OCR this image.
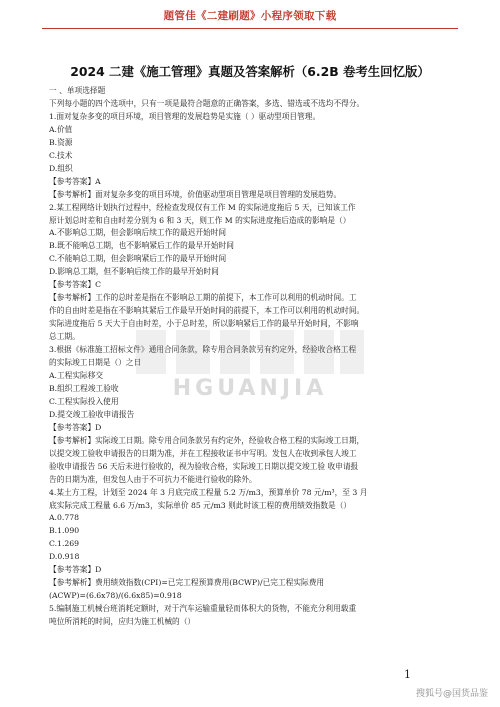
题管佳《二建刷题》小程序领取下载
2024 二建《施工管理》真题及答案解析（6.2B 卷考生回忆版）
一 、单项选择题
下列每小题的四个选项中，只有一项是最符合题意的正确答案，多选、错选或不选均不得分。
1.面对复杂多变的项目环境，项目管理的发展趋势是实施（ ）驱动型项目管理。
A.价值
B.资源
C.技术
D.组织
【参考答案】A
【参考解析】面对复杂多变的项目环境，价值驱动型项目管理是项目管理的发展趋势。
2.某工程网络计划执行过程中，经检查发现仅有工作 M 的实际进度拖后 5 天，已知该工作
原计划总时差和自由时差分别为 6 和 3 天，则工作 M 的实际进度拖后造成的影响是（）
A.不影响总工期，但会影响后续工作的最迟开始时间
B.既不能响总工期，也不影响紧后工作的最早开始时间
C.不能响总工期，但会影响紧后工作的最早开始时间
D.影响总工期，但不影响后续工作的最早开始时间
【参考答案】C
【参考解析】工作的总时差是指在不影响总工期的前提下，本工作可以利用的机动时间。工
作的自由时差是指在不影响其紧后工作最早开始时间的前提下，本工作可以利用的机动时间。
实际进度拖后 5 天大于自由时差，小于总时差，所以影响紧后工作的最早开始时间，不影响
总工期。
3.根据《标准施工招标文件》通用合同条款，除专用合同条款另有约定外，经验收合格工程
的实际竣工日期是（）之日
A.工程实际移交
B.组织工程竣工验收
C.工程实际投入使用
D.提交竣工验收申请报告
【参考答案】D
【参考解析】实际竣工日期。除专用合同条款另有约定外，经验收合格工程的实际竣工日期，
以提交竣工验收申请报告的日期为准，并在工程接收证书中写明。发包人在收到承包人竣工
验收申请报告 56 天后未进行验收的，视为验收合格，实际竣工日期以提交竣工验 收申请报
告的日期为准，但发包人由于不可抗力不能进行验收的除外。
4.某土方工程，计划至 2024 年 3 月底完成工程量 5.2 万/m3，预算单价 78 元/m³，至 3 月
底实际完成工程量 6.6 万/m3，实际单价 85 元/m3 则此时该工程的费用绩效指数是（）
A.0.778
B.1.090
C.1.269
D.0.918
【参考答案】D
【参考解析】费用绩效指数(CPI)=已完工程预算费用(BCWP)/已完工程实际费用
(ACWP)=(6.6x78)/(6.6x85)=0.918
5.编制施工机械台班消耗定额时，对于汽车运输重量轻而体积大的货物，不能充分利用载重
吨位所消耗的时间，应归为施工机械的（）
HGUANJIA
1
搜狐号@国货品鉴
